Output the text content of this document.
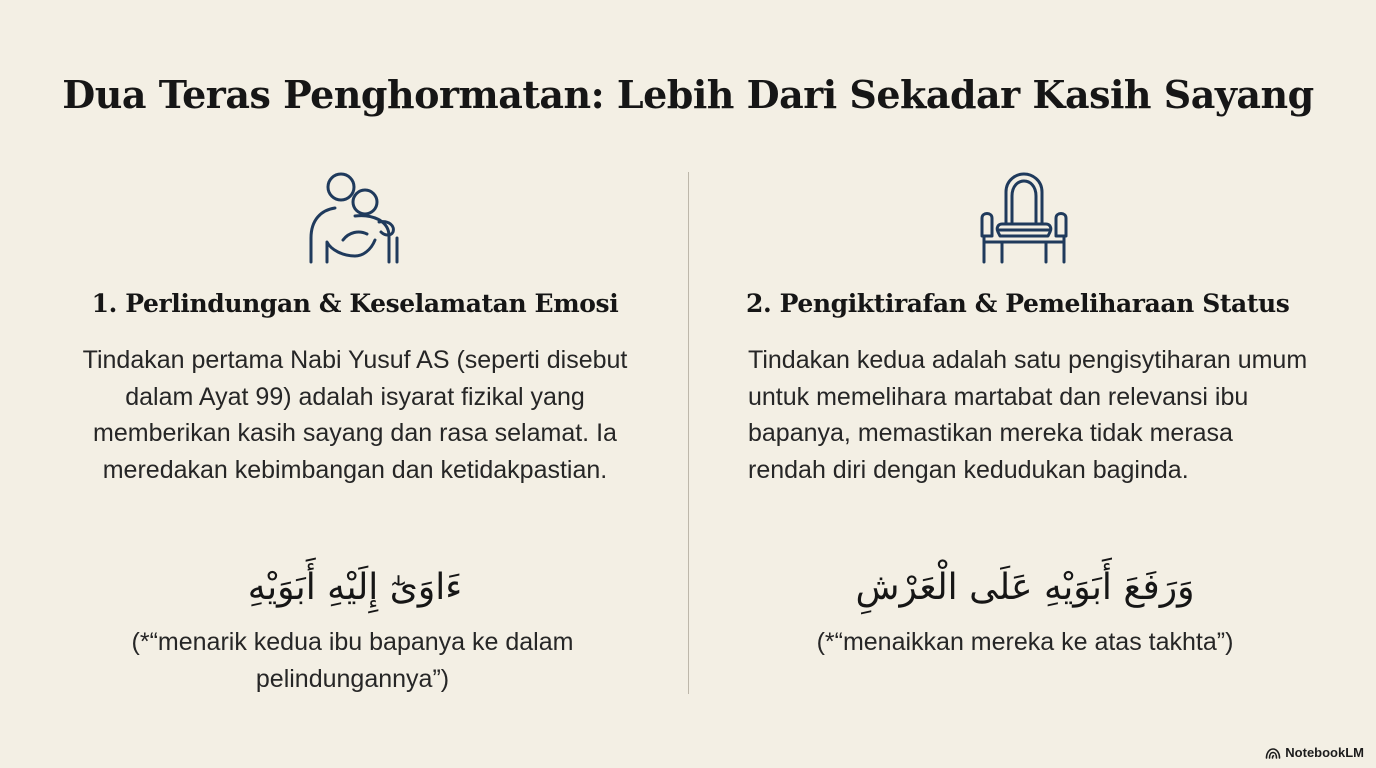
Dua Teras Penghormatan: Lebih Dari Sekadar Kasih Sayang
1. Perlindungan & Keselamatan Emosi
Tindakan pertama Nabi Yusuf AS (seperti disebut dalam Ayat 99) adalah isyarat fizikal yang memberikan kasih sayang dan rasa selamat. Ia meredakan kebimbangan dan ketidakpastian.
ءَاوَىٰٓ إِلَيْهِ أَبَوَيْهِ
(*“menarik kedua ibu bapanya ke dalam pelindungannya”)
2. Pengiktirafan & Pemeliharaan Status
Tindakan kedua adalah satu pengisytiharan umum untuk memelihara martabat dan relevansi ibu bapanya, memastikan mereka tidak merasa rendah diri dengan kedudukan baginda.
وَرَفَعَ أَبَوَيْهِ عَلَى الْعَرْشِ
(*“menaikkan mereka ke atas takhta”)
NotebookLM
